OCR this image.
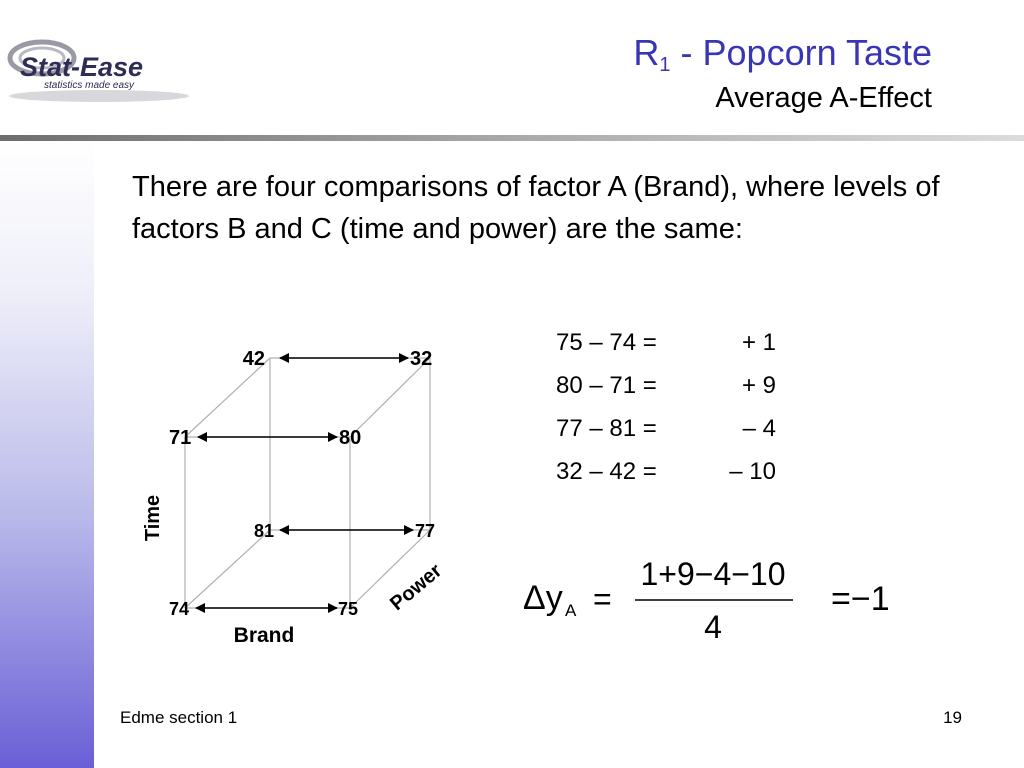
Stat-Ease
statistics made easy
$R_1$ - Popcorn Taste
Average A-Effect
There are four comparisons of factor A (Brand), where levels of factors B and C (time and power) are the same:
42	32
71	80
81	77
74	75
Time
Brand
Power
75 – 74 =	+ 1
80 – 71 =	+ 9
77 – 81 =	– 4
32 – 42 =	– 10
Δy A =
1+9−4−10
4
=−1
Edme section 1	19
